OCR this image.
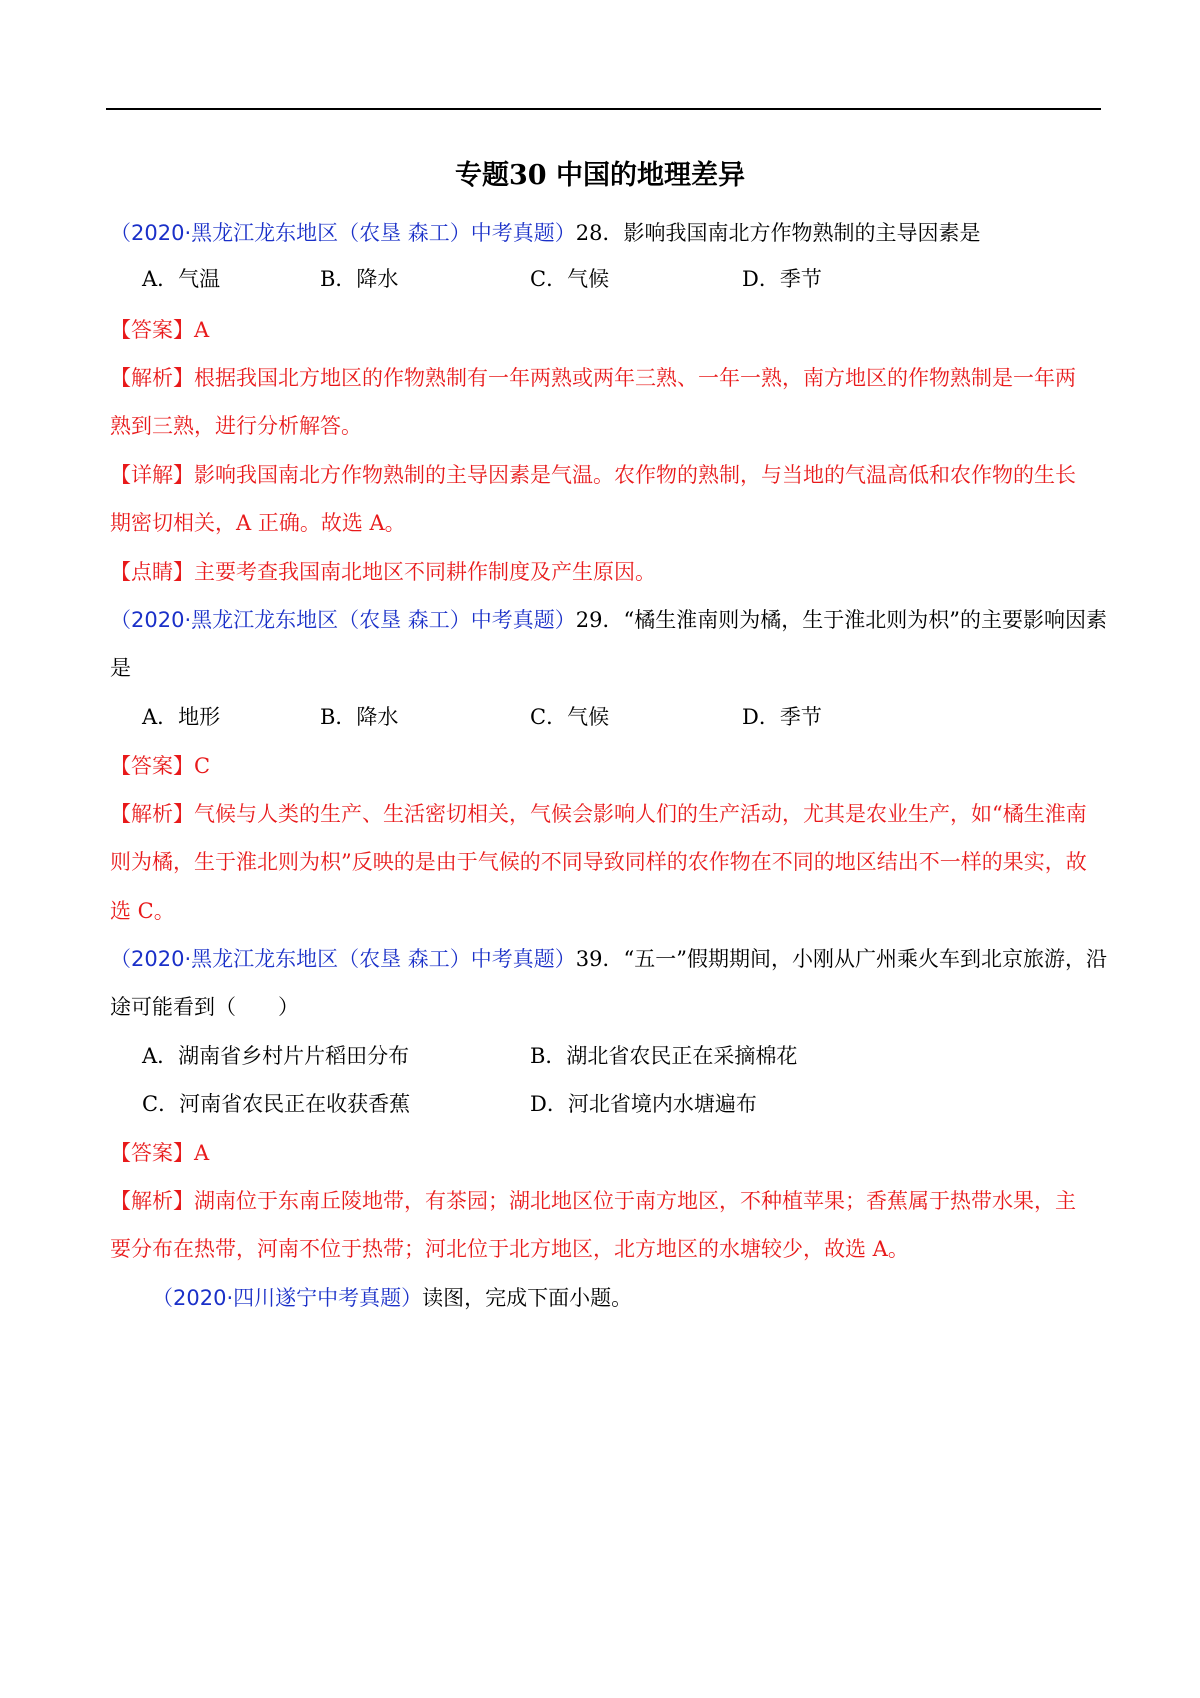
专题30 中国的地理差异
（2020·黑龙江龙东地区（农垦 森工）中考真题）28．影响我国南北方作物熟制的主导因素是
A．气温	B．降水	C．气候	D．季节
【答案】A
【解析】根据我国北方地区的作物熟制有一年两熟或两年三熟、一年一熟，南方地区的作物熟制是一年两
熟到三熟，进行分析解答。
【详解】影响我国南北方作物熟制的主导因素是气温。农作物的熟制，与当地的气温高低和农作物的生长
期密切相关，A 正确。故选 A。
【点睛】主要考查我国南北地区不同耕作制度及产生原因。
（2020·黑龙江龙东地区（农垦 森工）中考真题）29．“橘生淮南则为橘，生于淮北则为枳”的主要影响因素
是
A．地形	B．降水	C．气候	D．季节
【答案】C
【解析】气候与人类的生产、生活密切相关，气候会影响人们的生产活动，尤其是农业生产，如“橘生淮南
则为橘，生于淮北则为枳”反映的是由于气候的不同导致同样的农作物在不同的地区结出不一样的果实，故
选 C。
（2020·黑龙江龙东地区（农垦 森工）中考真题）39．“五一”假期期间，小刚从广州乘火车到北京旅游，沿
途可能看到（　　）
A．湖南省乡村片片稻田分布	B．湖北省农民正在采摘棉花
C．河南省农民正在收获香蕉	D．河北省境内水塘遍布
【答案】A
【解析】湖南位于东南丘陵地带，有茶园；湖北地区位于南方地区，不种植苹果；香蕉属于热带水果，主
要分布在热带，河南不位于热带；河北位于北方地区，北方地区的水塘较少，故选 A。
（2020·四川遂宁中考真题）读图，完成下面小题。
